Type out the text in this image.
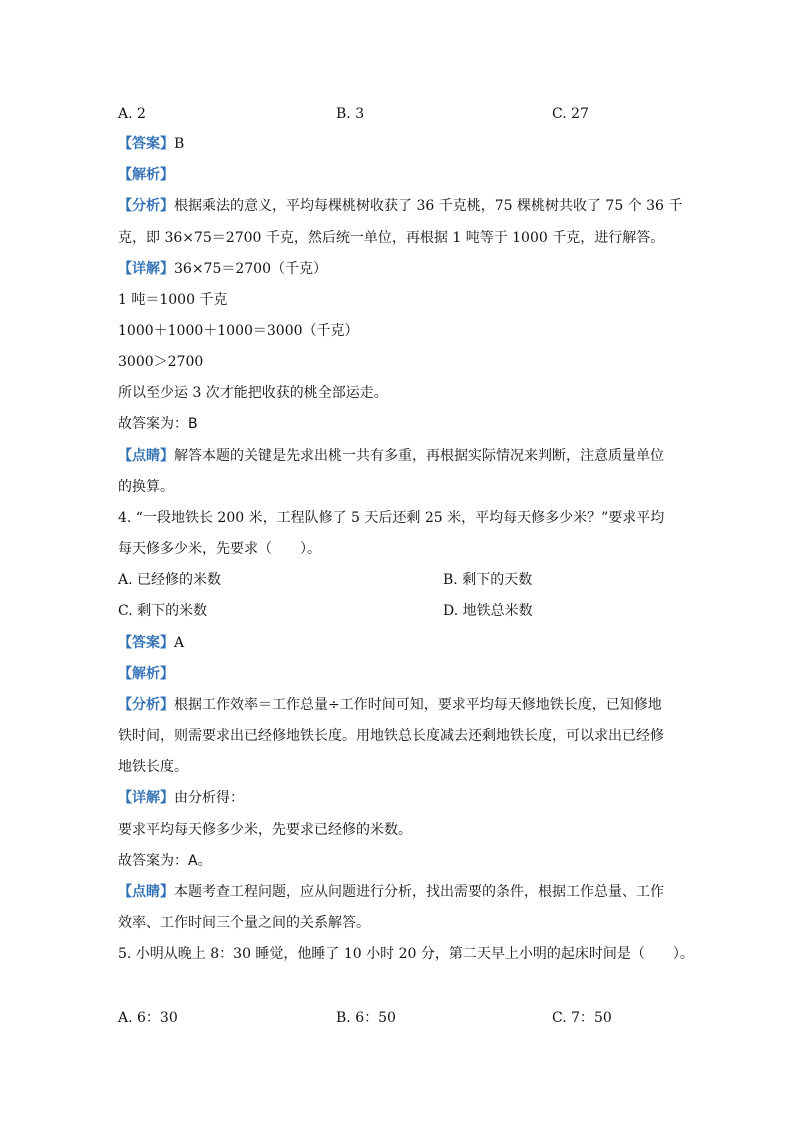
A. 2	B. 3	C. 27
【答案】B
【解析】
【分析】根据乘法的意义，平均每棵桃树收获了 36 千克桃，75 棵桃树共收了 75 个 36 千
克，即 36×75＝2700 千克，然后统一单位，再根据 1 吨等于 1000 千克，进行解答。
【详解】36×75＝2700（千克）
1 吨＝1000 千克
1000＋1000＋1000＝3000（千克）
3000＞2700
所以至少运 3 次才能把收获的桃全部运走。
故答案为：B
【点睛】解答本题的关键是先求出桃一共有多重，再根据实际情况来判断，注意质量单位
的换算。
4. “一段地铁长 200 米，工程队修了 5 天后还剩 25 米，平均每天修多少米？”要求平均
每天修多少米，先要求（　　）。
A. 已经修的米数	B. 剩下的天数
C. 剩下的米数	D. 地铁总米数
【答案】A
【解析】
【分析】根据工作效率＝工作总量÷工作时间可知，要求平均每天修地铁长度，已知修地
铁时间，则需要求出已经修地铁长度。用地铁总长度减去还剩地铁长度，可以求出已经修
地铁长度。
【详解】由分析得：
要求平均每天修多少米，先要求已经修的米数。
故答案为：A。
【点睛】本题考查工程问题，应从问题进行分析，找出需要的条件，根据工作总量、工作
效率、工作时间三个量之间的关系解答。
5. 小明从晚上 8：30 睡觉，他睡了 10 小时 20 分，第二天早上小明的起床时间是（　　）。
A. 6：30	B. 6：50	C. 7：50
